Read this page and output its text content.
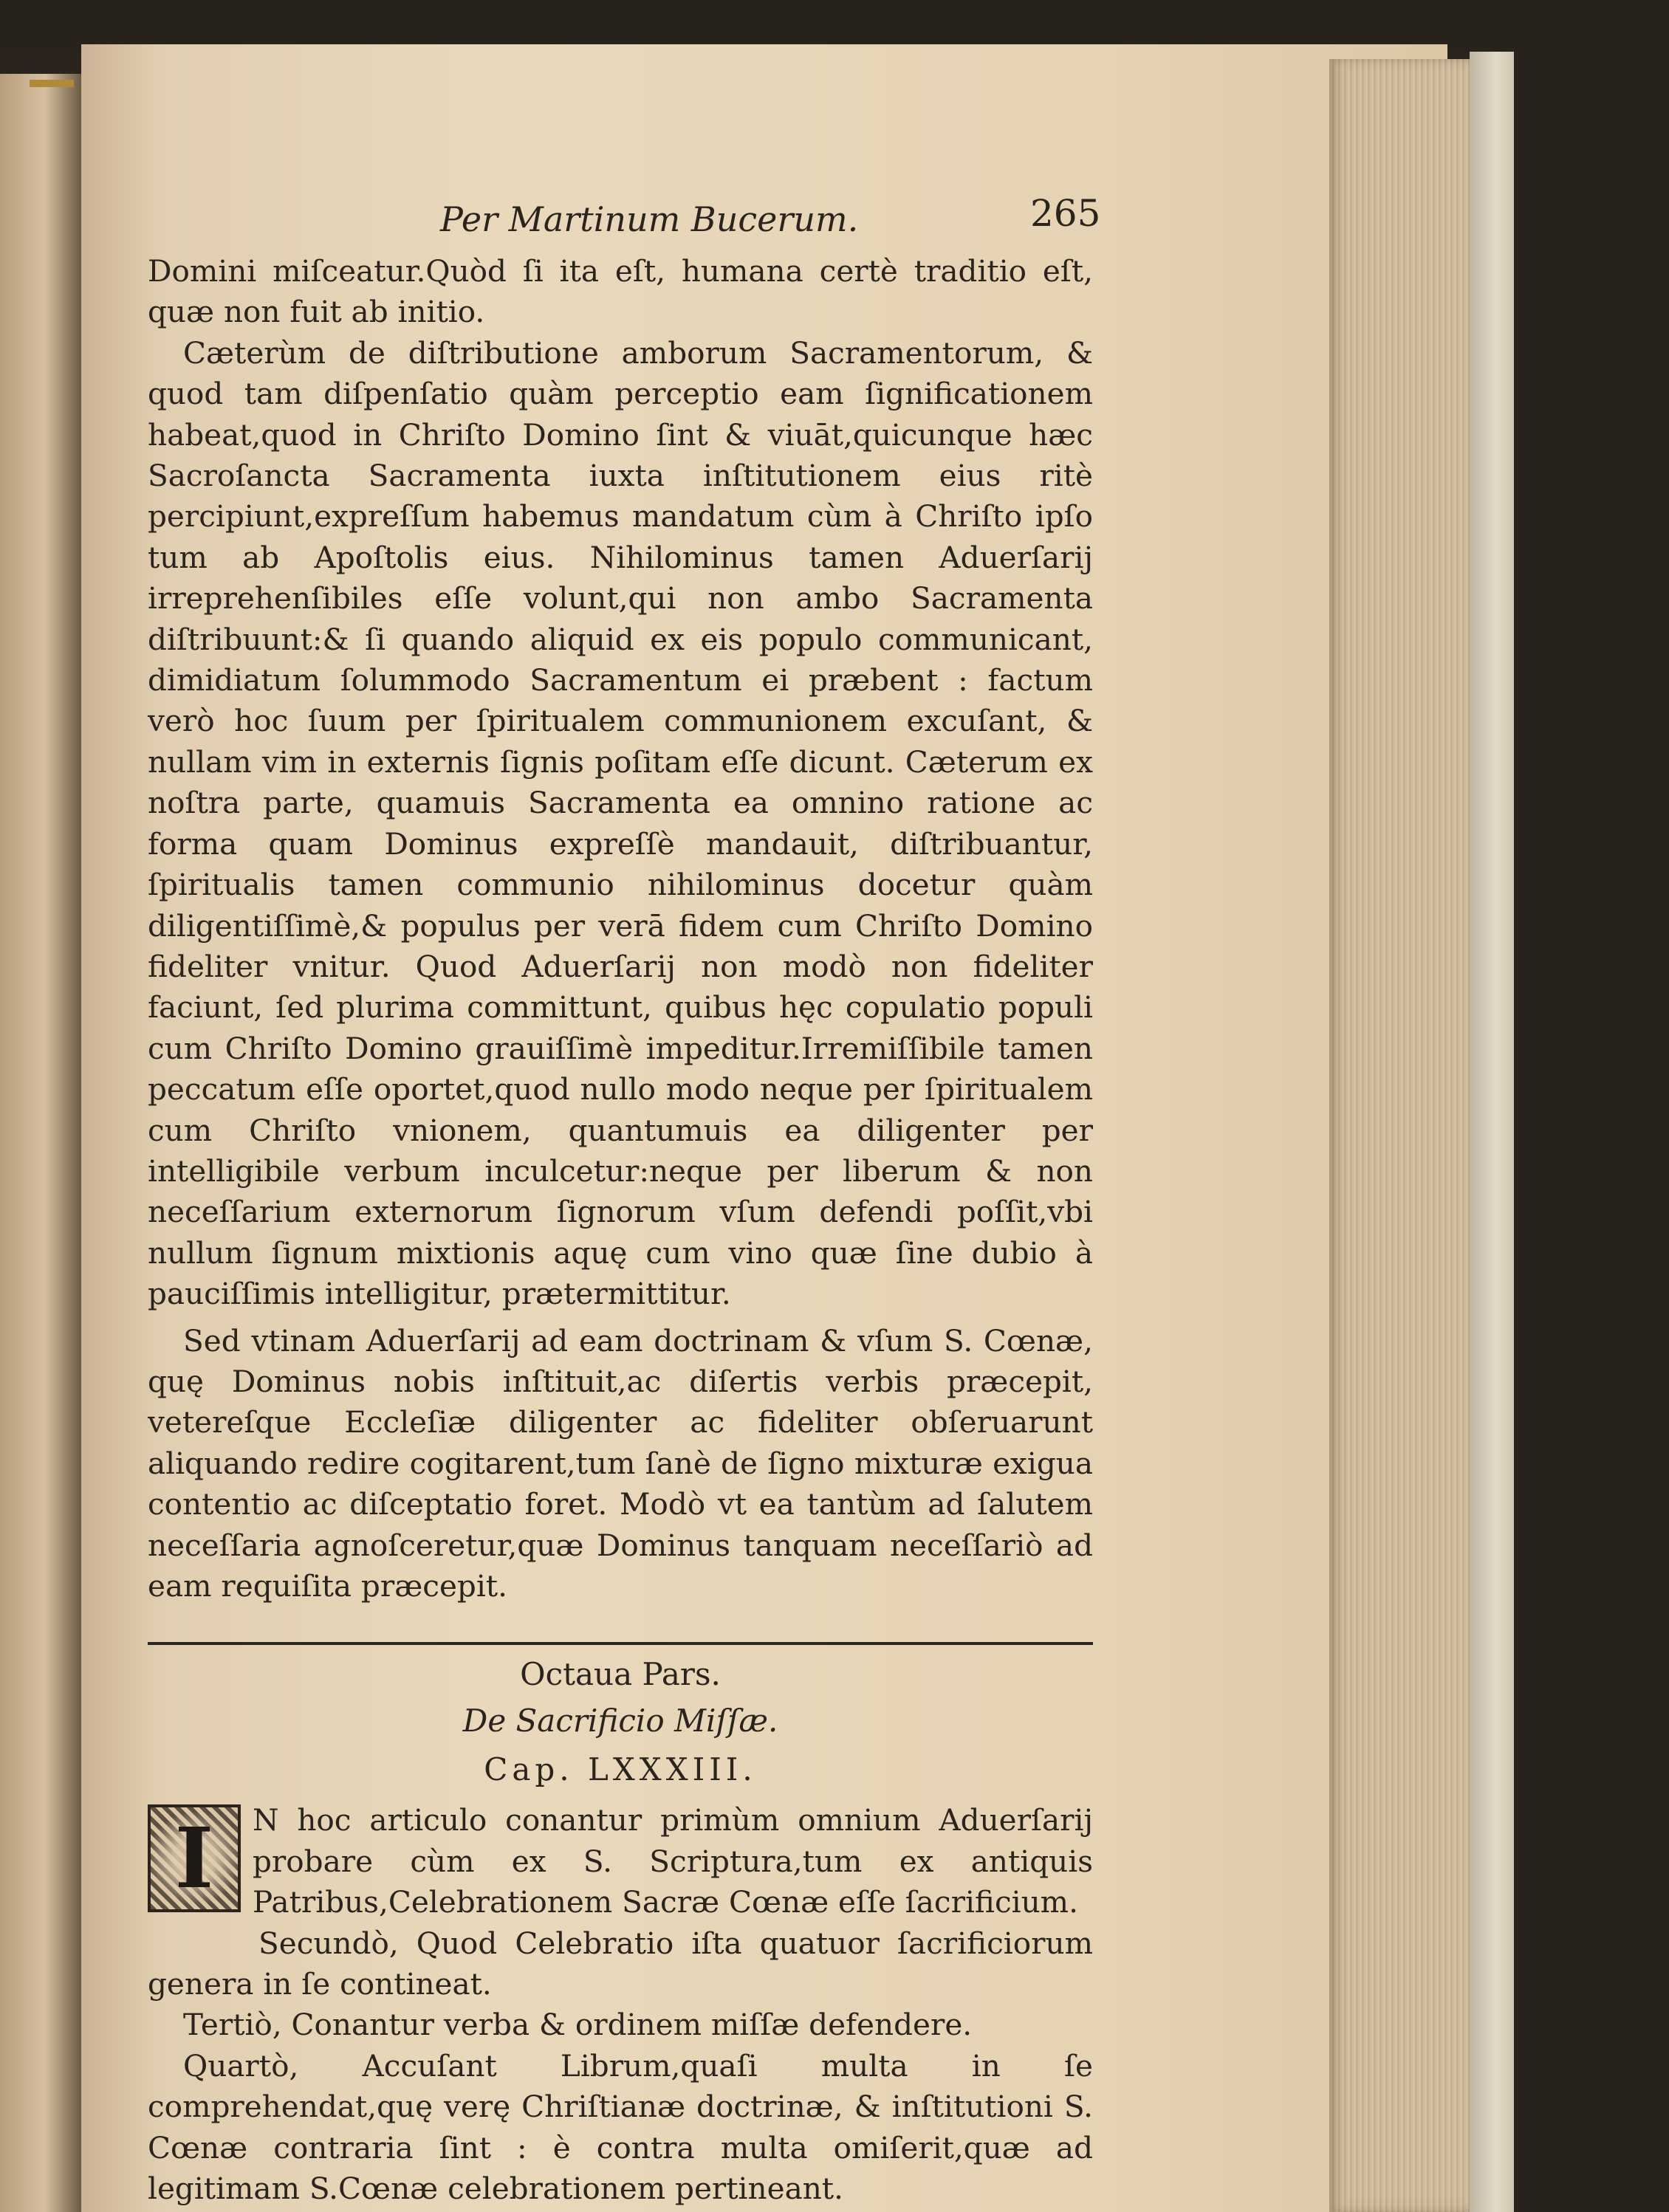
Per Martinum Bucerum.	265

Domini miſceatur.Quòd ſi ita eſt, humana certè traditio eſt, quæ non fuit ab initio.

Cæterùm de diſtributione amborum Sacramentorum, & quod tam diſpenſatio quàm perceptio eam ſignificationem habeat,quod in Chriſto Domino ſint & viuāt,quicunque hæc Sacroſancta Sacramenta iuxta inſtitutionem eius ritè percipiunt,expreſſum habemus mandatum cùm à Chriſto ipſo tum ab Apoſtolis eius. Nihilominus tamen Aduerſarij irreprehenſibiles eſſe volunt,qui non ambo Sacramenta diſtribuunt:& ſi quando aliquid ex eis populo communicant, dimidiatum ſolummodo Sacramentum ei præbent : factum verò hoc ſuum per ſpiritualem communionem excuſant, & nullam vim in externis ſignis poſitam eſſe dicunt. Cæterum ex noſtra parte, quamuis Sacramenta ea omnino ratione ac forma quam Dominus expreſſè mandauit, diſtribuantur, ſpiritualis tamen communio nihilominus docetur quàm diligentiſſimè,& populus per verā fidem cum Chriſto Domino fideliter vnitur. Quod Aduerſarij non modò non fideliter faciunt, ſed plurima committunt, quibus hęc copulatio populi cum Chriſto Domino grauiſſimè impeditur.Irremiſſibile tamen peccatum eſſe oportet,quod nullo modo neque per ſpiritualem cum Chriſto vnionem, quantumuis ea diligenter per intelligibile verbum inculcetur:neque per liberum & non neceſſarium externorum ſignorum vſum defendi poſſit,vbi nullum ſignum mixtionis aquę cum vino quæ ſine dubio à pauciſſimis intelligitur, prætermittitur.

Sed vtinam Aduerſarij ad eam doctrinam & vſum S. Cœnæ, quę Dominus nobis inſtituit,ac diſertis verbis præcepit, vetereſque Eccleſiæ diligenter ac fideliter obſeruarunt aliquando redire cogitarent,tum ſanè de ſigno mixturæ exigua contentio ac diſceptatio foret. Modò vt ea tantùm ad ſalutem neceſſaria agnoſceretur,quæ Dominus tanquam neceſſariò ad eam requiſita præcepit.

Octaua Pars.

De Sacrificio Miſſæ.

Cap. LXXXIII.

I	N hoc articulo conantur primùm omnium Aduerſarij probare cùm ex S. Scriptura,tum ex antiquis Patribus,Celebrationem Sacræ Cœnæ eſſe ſacrificium.

Secundò, Quod Celebratio iſta quatuor ſacrificiorum genera in ſe contineat.

Tertiò, Conantur verba & ordinem miſſæ defendere.

Quartò, Accuſant Librum,quaſi multa in ſe comprehendat,quę verę Chriſtianæ doctrinæ, & inſtitutioni S. Cœnæ contraria ſint : è contra multa omiſerit,quæ ad legitimam S.Cœnæ celebrationem pertineant.
